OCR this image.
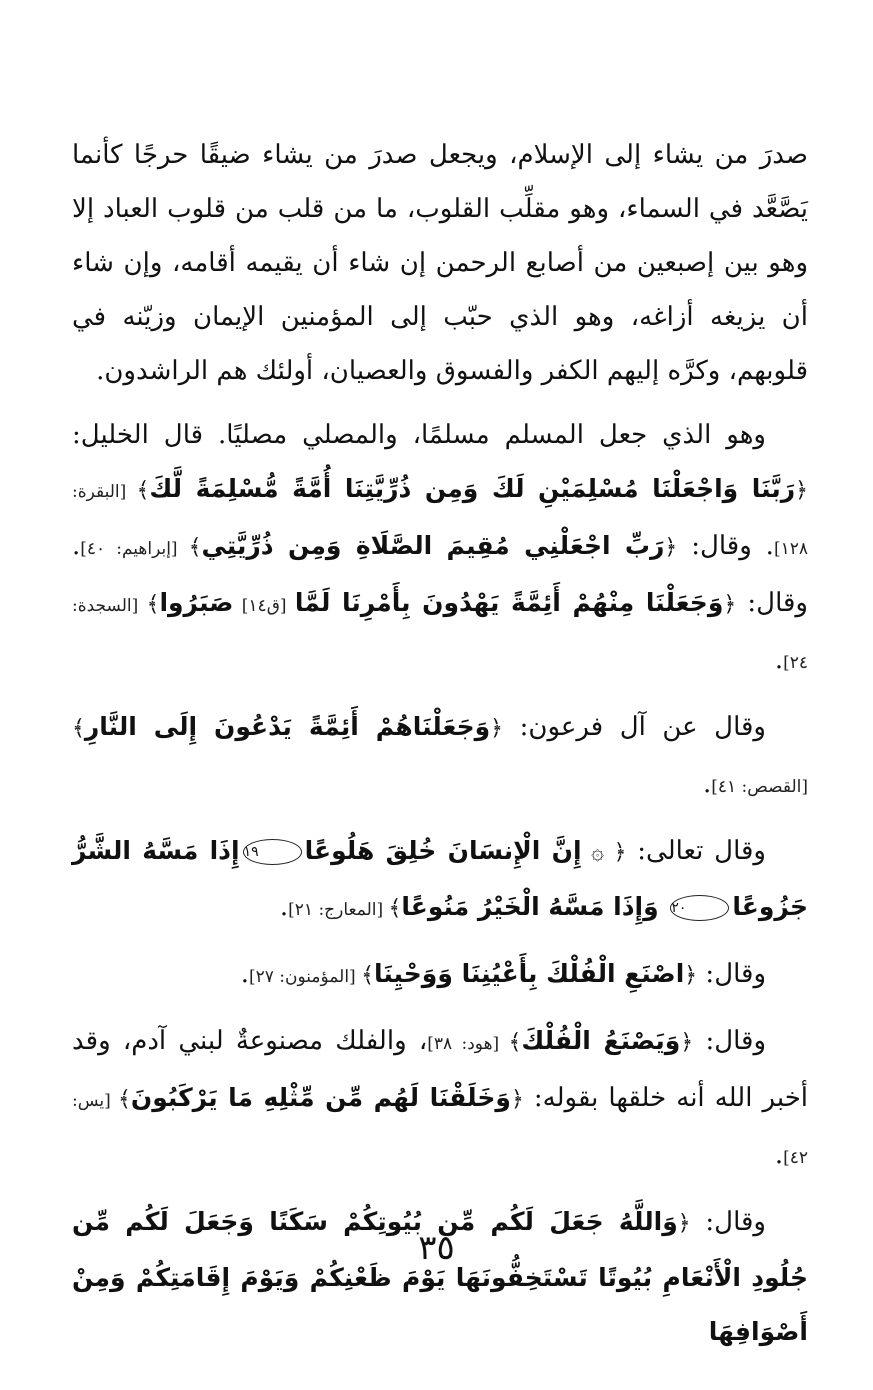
صدرَ من يشاء إلى الإسلام، ويجعل صدرَ من يشاء ضيقًا حرجًا كأنما يَصَّعَّد في السماء، وهو مقلِّب القلوب، ما من قلب من قلوب العباد إلا وهو بين إصبعين من أصابع الرحمن إن شاء أن يقيمه أقامه، وإن شاء أن يزيغه أزاغه، وهو الذي حبّب إلى المؤمنين الإيمان وزيّنه في قلوبهم، وكرَّه إليهم الكفر والفسوق والعصيان، أولئك هم الراشدون.

وهو الذي جعل المسلم مسلمًا، والمصلي مصليًا. قال الخليل: ﴿رَبَّنَا وَاجْعَلْنَا مُسْلِمَيْنِ لَكَ وَمِن ذُرِّيَّتِنَا أُمَّةً مُّسْلِمَةً لَّكَ﴾ [البقرة: ١٢٨]. وقال: ﴿رَبِّ اجْعَلْنِي مُقِيمَ الصَّلَاةِ وَمِن ذُرِّيَّتِي﴾ [إبراهيم: ٤٠]. وقال: ﴿وَجَعَلْنَا مِنْهُمْ أَئِمَّةً يَهْدُونَ بِأَمْرِنَا لَمَّا [ق١٤] صَبَرُوا﴾ [السجدة: ٢٤].

وقال عن آل فرعون: ﴿وَجَعَلْنَاهُمْ أَئِمَّةً يَدْعُونَ إِلَى النَّارِ﴾ [القصص: ٤١].

وقال تعالى: ﴿ ۞ إِنَّ الْإِنسَانَ خُلِقَ هَلُوعًا١٩إِذَا مَسَّهُ الشَّرُّ جَزُوعًا٢٠ وَإِذَا مَسَّهُ الْخَيْرُ مَنُوعًا﴾ [المعارج: ٢١].

وقال: ﴿اصْنَعِ الْفُلْكَ بِأَعْيُنِنَا وَوَحْيِنَا﴾ [المؤمنون: ٢٧].

وقال: ﴿وَيَصْنَعُ الْفُلْكَ﴾ [هود: ٣٨]، والفلك مصنوعةٌ لبني آدم، وقد أخبر الله أنه خلقها بقوله: ﴿وَخَلَقْنَا لَهُم مِّن مِّثْلِهِ مَا يَرْكَبُونَ﴾ [يس: ٤٢].

وقال: ﴿وَاللَّهُ جَعَلَ لَكُم مِّن بُيُوتِكُمْ سَكَنًا وَجَعَلَ لَكُم مِّن جُلُودِ الْأَنْعَامِ بُيُوتًا تَسْتَخِفُّونَهَا يَوْمَ ظَعْنِكُمْ وَيَوْمَ إِقَامَتِكُمْ وَمِنْ أَصْوَافِهَا

٣٥
